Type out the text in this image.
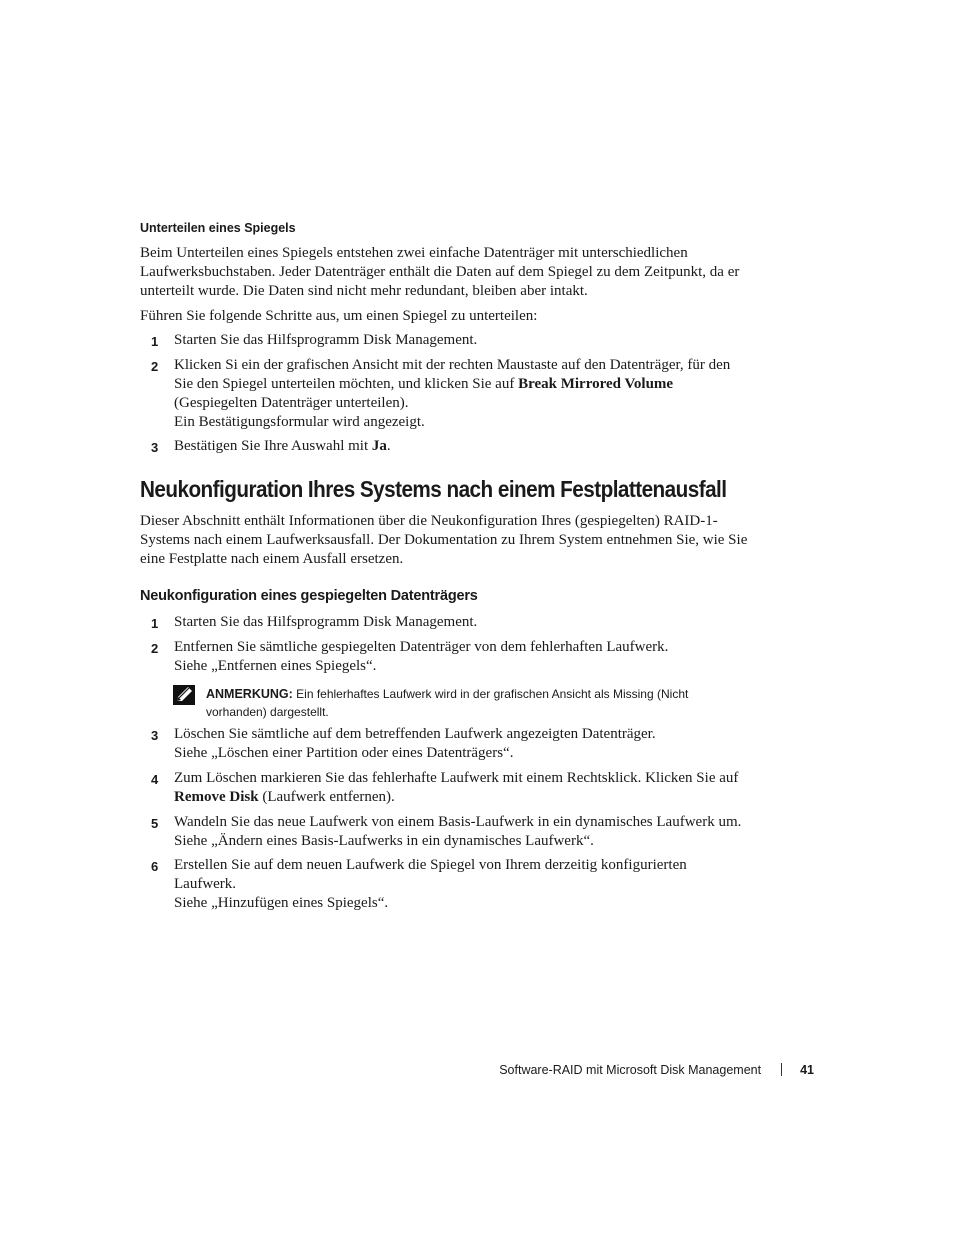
Unterteilen eines Spiegels
Beim Unterteilen eines Spiegels entstehen zwei einfache Datenträger mit unterschiedlichen Laufwerksbuchstaben. Jeder Datenträger enthält die Daten auf dem Spiegel zu dem Zeitpunkt, da er unterteilt wurde. Die Daten sind nicht mehr redundant, bleiben aber intakt.
Führen Sie folgende Schritte aus, um einen Spiegel zu unterteilen:
1 Starten Sie das Hilfsprogramm Disk Management.
2 Klicken Si ein der grafischen Ansicht mit der rechten Maustaste auf den Datenträger, für den Sie den Spiegel unterteilen möchten, und klicken Sie auf Break Mirrored Volume (Gespiegelten Datenträger unterteilen).
Ein Bestätigungsformular wird angezeigt.
3 Bestätigen Sie Ihre Auswahl mit Ja.
Neukonfiguration Ihres Systems nach einem Festplattenausfall
Dieser Abschnitt enthält Informationen über die Neukonfiguration Ihres (gespiegelten) RAID-1-Systems nach einem Laufwerksausfall. Der Dokumentation zu Ihrem System entnehmen Sie, wie Sie eine Festplatte nach einem Ausfall ersetzen.
Neukonfiguration eines gespiegelten Datenträgers
1 Starten Sie das Hilfsprogramm Disk Management.
2 Entfernen Sie sämtliche gespiegelten Datenträger von dem fehlerhaften Laufwerk.
Siehe „Entfernen eines Spiegels“.
ANMERKUNG: Ein fehlerhaftes Laufwerk wird in der grafischen Ansicht als Missing (Nicht vorhanden) dargestellt.
3 Löschen Sie sämtliche auf dem betreffenden Laufwerk angezeigten Datenträger.
Siehe „Löschen einer Partition oder eines Datenträgers“.
4 Zum Löschen markieren Sie das fehlerhafte Laufwerk mit einem Rechtsklick. Klicken Sie auf Remove Disk (Laufwerk entfernen).
5 Wandeln Sie das neue Laufwerk von einem Basis-Laufwerk in ein dynamisches Laufwerk um.
Siehe „Ändern eines Basis-Laufwerks in ein dynamisches Laufwerk“.
6 Erstellen Sie auf dem neuen Laufwerk die Spiegel von Ihrem derzeitig konfigurierten Laufwerk.
Siehe „Hinzufügen eines Spiegels“.
Software-RAID mit Microsoft Disk Management	41
